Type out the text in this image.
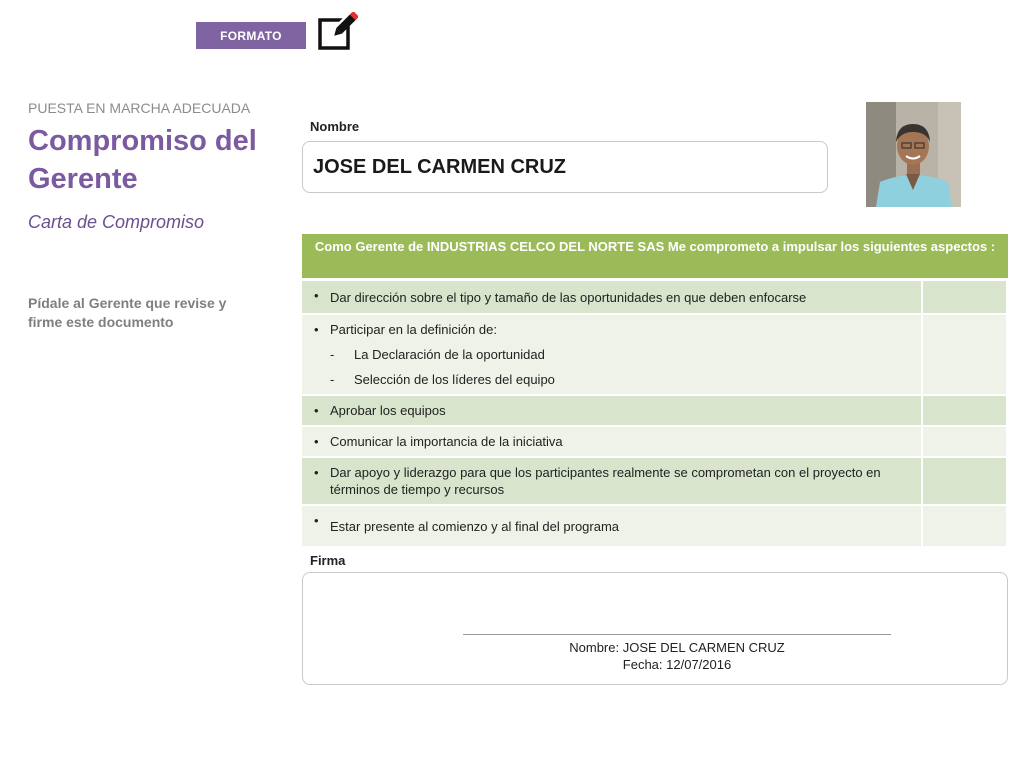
FORMATO
PUESTA EN MARCHA ADECUADA
Compromiso del Gerente
Carta de Compromiso
Pídale al Gerente que revise y firme este documento
Nombre
JOSE DEL CARMEN CRUZ
Como Gerente de INDUSTRIAS CELCO DEL NORTE SAS Me comprometo a impulsar los siguientes aspectos :	
• Dar dirección sobre el tipo y tamaño de las oportunidades en que deben enfocarse	
• Participar en la definición de:
- La Declaración de la oportunidad
- Selección de los líderes del equipo

• Aprobar los equipos	
• Comunicar la importancia de la iniciativa	
• Dar apoyo y liderazgo para que los participantes realmente se comprometan con el proyecto en términos de tiempo y recursos	
• Estar presente al comienzo y al final del programa	
Firma
Nombre: JOSE DEL CARMEN CRUZ
Fecha: 12/07/2016
